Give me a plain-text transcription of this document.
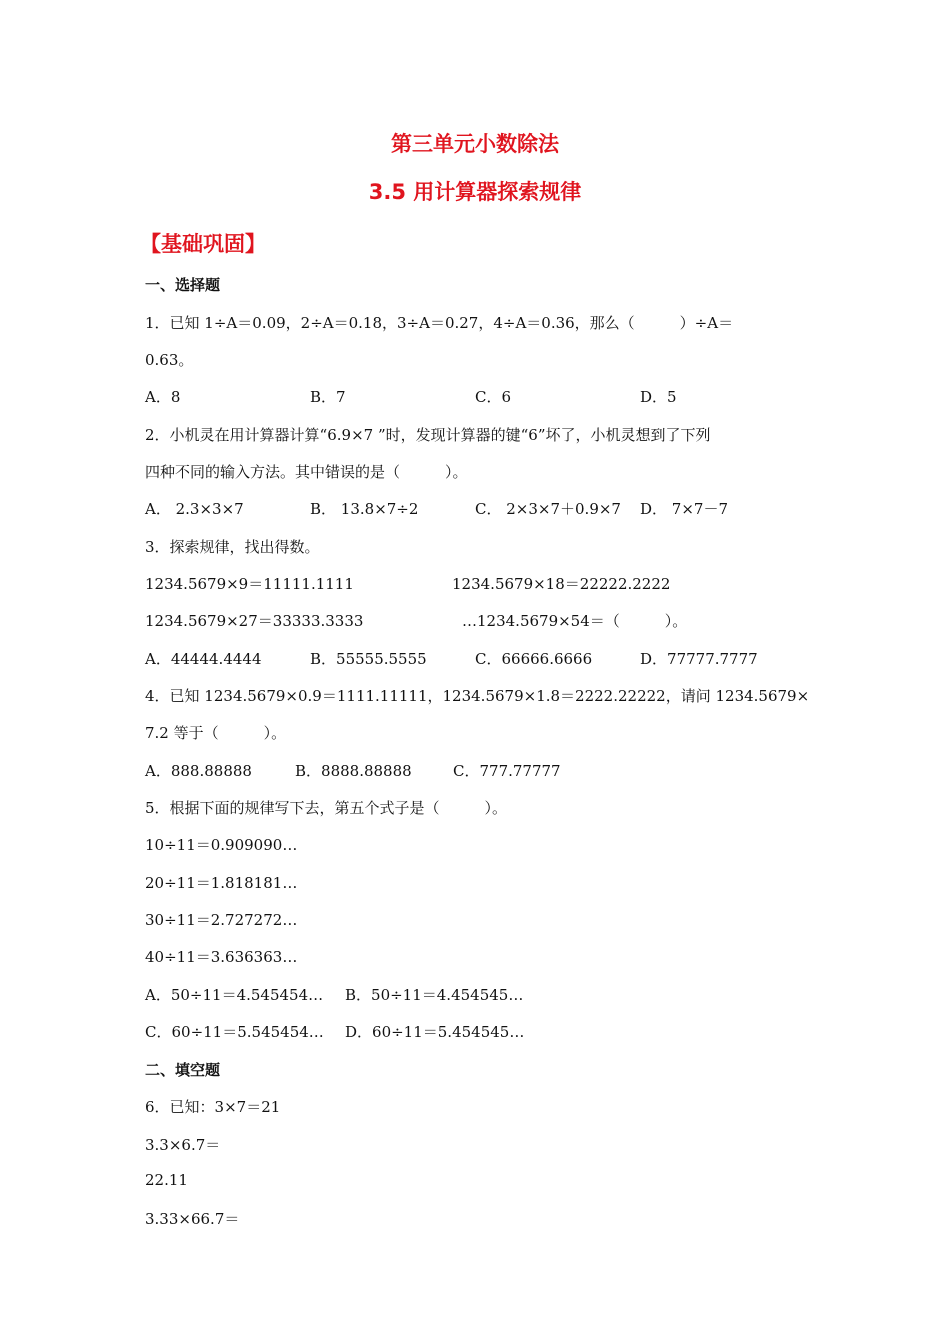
第三单元小数除法
3.5 用计算器探索规律
【基础巩固】
一、选择题
1．已知 1÷A＝0.09，2÷A＝0.18，3÷A＝0.27，4÷A＝0.36，那么（　　　）÷A＝
0.63。
A．8	B．7	C．6	D．5
2．小机灵在用计算器计算“6.9×7 ”时，发现计算器的键“6”坏了，小机灵想到了下列
四种不同的输入方法。其中错误的是（　　　）。
A． 2.3×3×7	B． 13.8×7÷2	C． 2×3×7＋0.9×7 D． 7×7－7
3．探索规律，找出得数。
1234.5679×9＝11111.1111	1234.5679×18＝22222.2222
1234.5679×27＝33333.3333	…1234.5679×54＝（　　　）。
A．44444.4444	B．55555.5555	C．66666.6666	D．77777.7777
4．已知 1234.5679×0.9＝1111.11111，1234.5679×1.8＝2222.22222，请问 1234.5679×
7.2 等于（　　　）。
A．888.88888	B．8888.88888	C．777.77777
5．根据下面的规律写下去，第五个式子是（　　　）。
10÷11＝0.909090…
20÷11＝1.818181…
30÷11＝2.727272…
40÷11＝3.636363…
A．50÷11＝4.545454… B．50÷11＝4.454545…
C．60÷11＝5.545454… D．60÷11＝5.454545…
二、填空题
6．已知：3×7＝21
3.3×6.7＝
22.11
3.33×66.7＝
